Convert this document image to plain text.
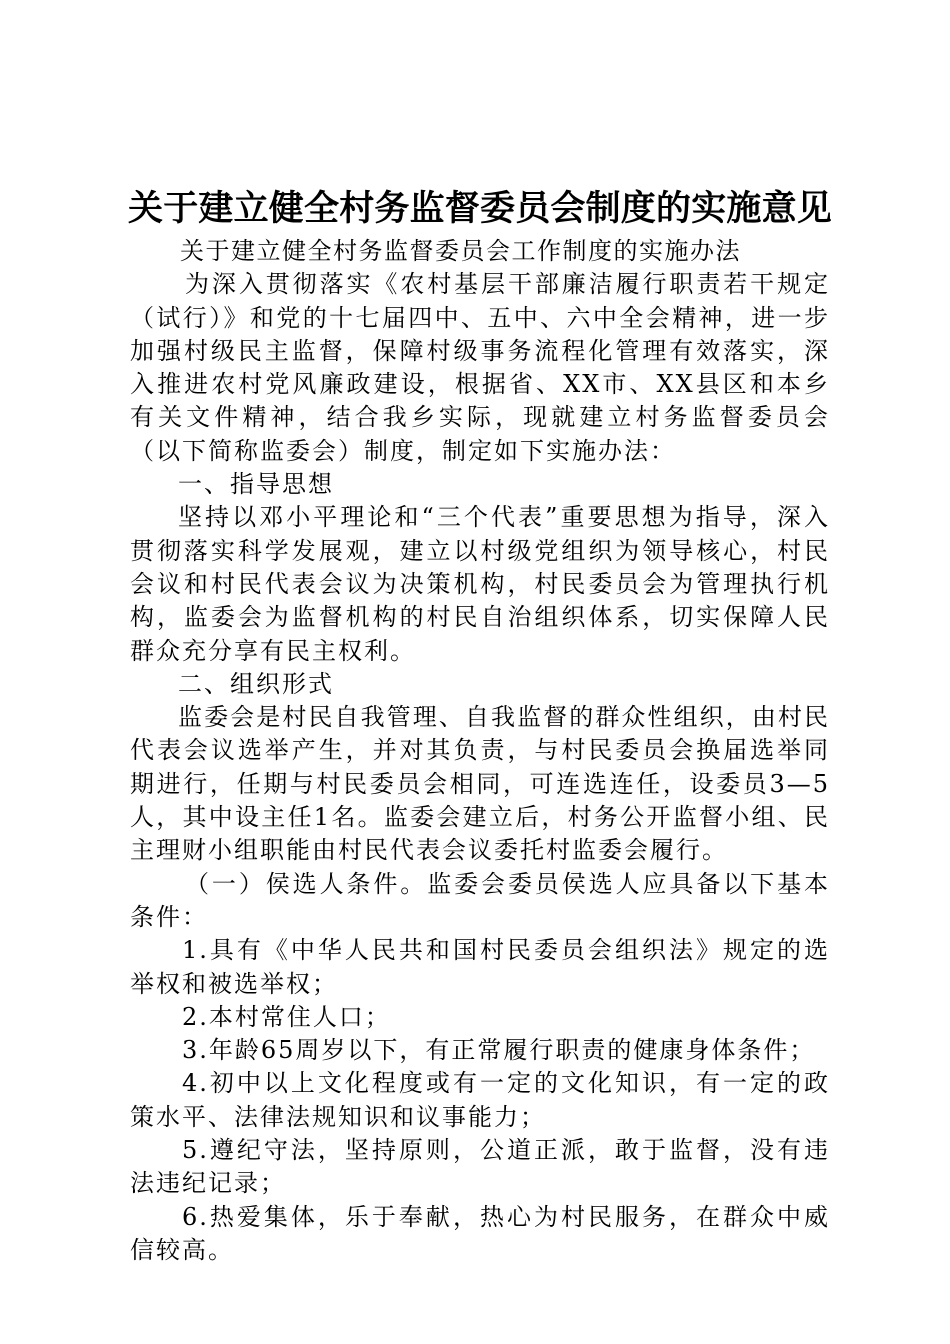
关于建立健全村务监督委员会制度的实施意见

关于建立健全村务监督委员会工作制度的实施办法

为深入贯彻落实《农村基层干部廉洁履行职责若干规定（试行）》和党的十七届四中、五中、六中全会精神，进一步加强村级民主监督，保障村级事务流程化管理有效落实，深入推进农村党风廉政建设，根据省、XX市、XX县区和本乡有关文件精神，结合我乡实际，现就建立村务监督委员会（以下简称监委会）制度，制定如下实施办法：

一、指导思想

坚持以邓小平理论和“三个代表”重要思想为指导，深入贯彻落实科学发展观，建立以村级党组织为领导核心，村民会议和村民代表会议为决策机构，村民委员会为管理执行机构，监委会为监督机构的村民自治组织体系，切实保障人民群众充分享有民主权利。

二、组织形式

监委会是村民自我管理、自我监督的群众性组织，由村民代表会议选举产生，并对其负责，与村民委员会换届选举同期进行，任期与村民委员会相同，可连选连任，设委员3—5人，其中设主任1名。监委会建立后，村务公开监督小组、民主理财小组职能由村民代表会议委托村监委会履行。

（一）侯选人条件。监委会委员侯选人应具备以下基本条件：

1.具有《中华人民共和国村民委员会组织法》规定的选举权和被选举权；

2.本村常住人口；

3.年龄65周岁以下，有正常履行职责的健康身体条件；

4.初中以上文化程度或有一定的文化知识，有一定的政策水平、法律法规知识和议事能力；

5.遵纪守法，坚持原则，公道正派，敢于监督，没有违法违纪记录；

6.热爱集体，乐于奉献，热心为村民服务，在群众中威信较高。
